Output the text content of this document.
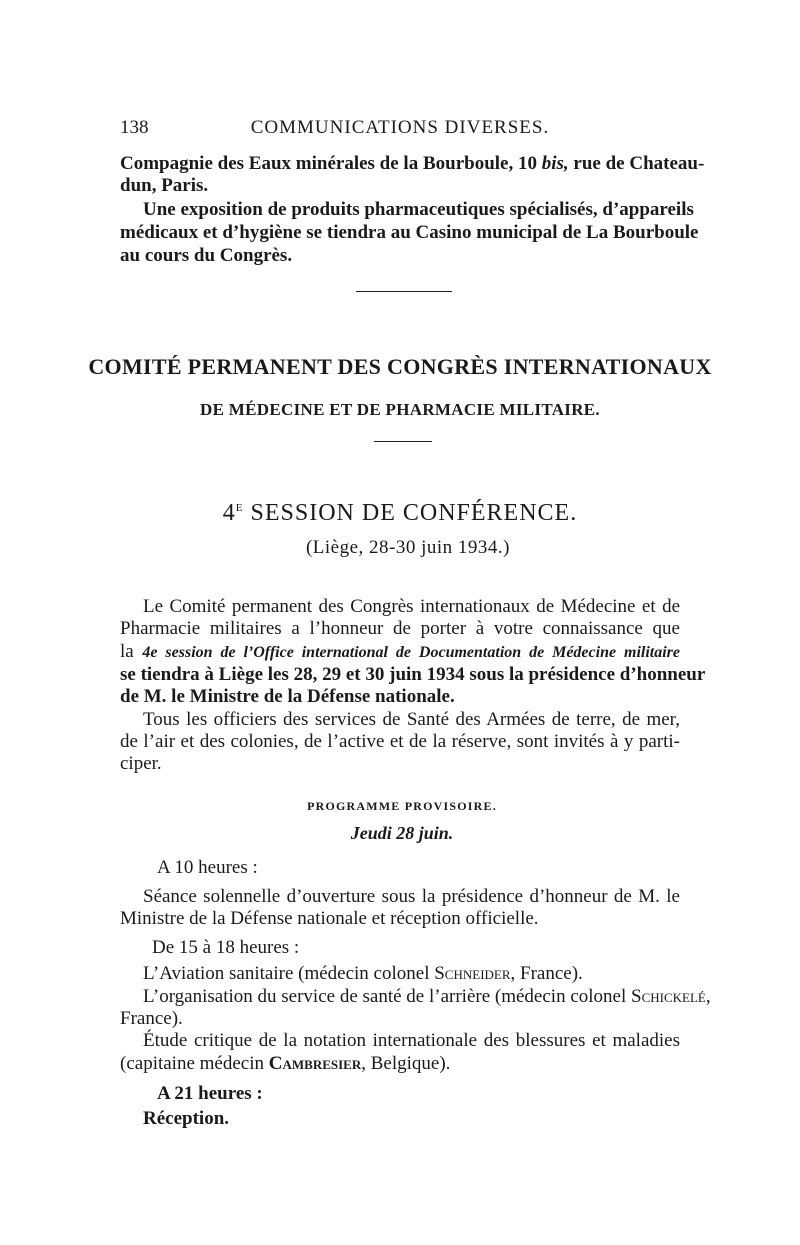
138	COMMUNICATIONS DIVERSES.
Compagnie des Eaux minérales de la Bourboule, 10 bis, rue de Chateau-
dun, Paris.
Une exposition de produits pharmaceutiques spécialisés, d’appareils
médicaux et d’hygiène se tiendra au Casino municipal de La Bourboule
au cours du Congrès.
COMITÉ PERMANENT DES CONGRÈS INTERNATIONAUX
DE MÉDECINE ET DE PHARMACIE MILITAIRE.
$4^E$ SESSION DE CONFÉRENCE.
(Liège, 28-30 juin 1934.)
Le Comité permanent des Congrès internationaux de Médecine et de
Pharmacie militaires a l’honneur de porter à votre connaissance que
la 4e session de l’Office international de Documentation de Médecine militaire
se tiendra à Liège les 28, 29 et 30 juin 1934 sous la présidence d’honneur
de M. le Ministre de la Défense nationale.
Tous les officiers des services de Santé des Armées de terre, de mer,
de l’air et des colonies, de l’active et de la réserve, sont invités à y parti-
ciper.
PROGRAMME PROVISOIRE.
Jeudi 28 juin.
A 10 heures :
Séance solennelle d’ouverture sous la présidence d’honneur de M. le
Ministre de la Défense nationale et réception officielle.
De 15 à 18 heures :
L’Aviation sanitaire (médecin colonel Schneider, France).
L’organisation du service de santé de l’arrière (médecin colonel Schickelé,
France).
Étude critique de la notation internationale des blessures et maladies
(capitaine médecin Cambresier, Belgique).
A 21 heures :
Réception.
